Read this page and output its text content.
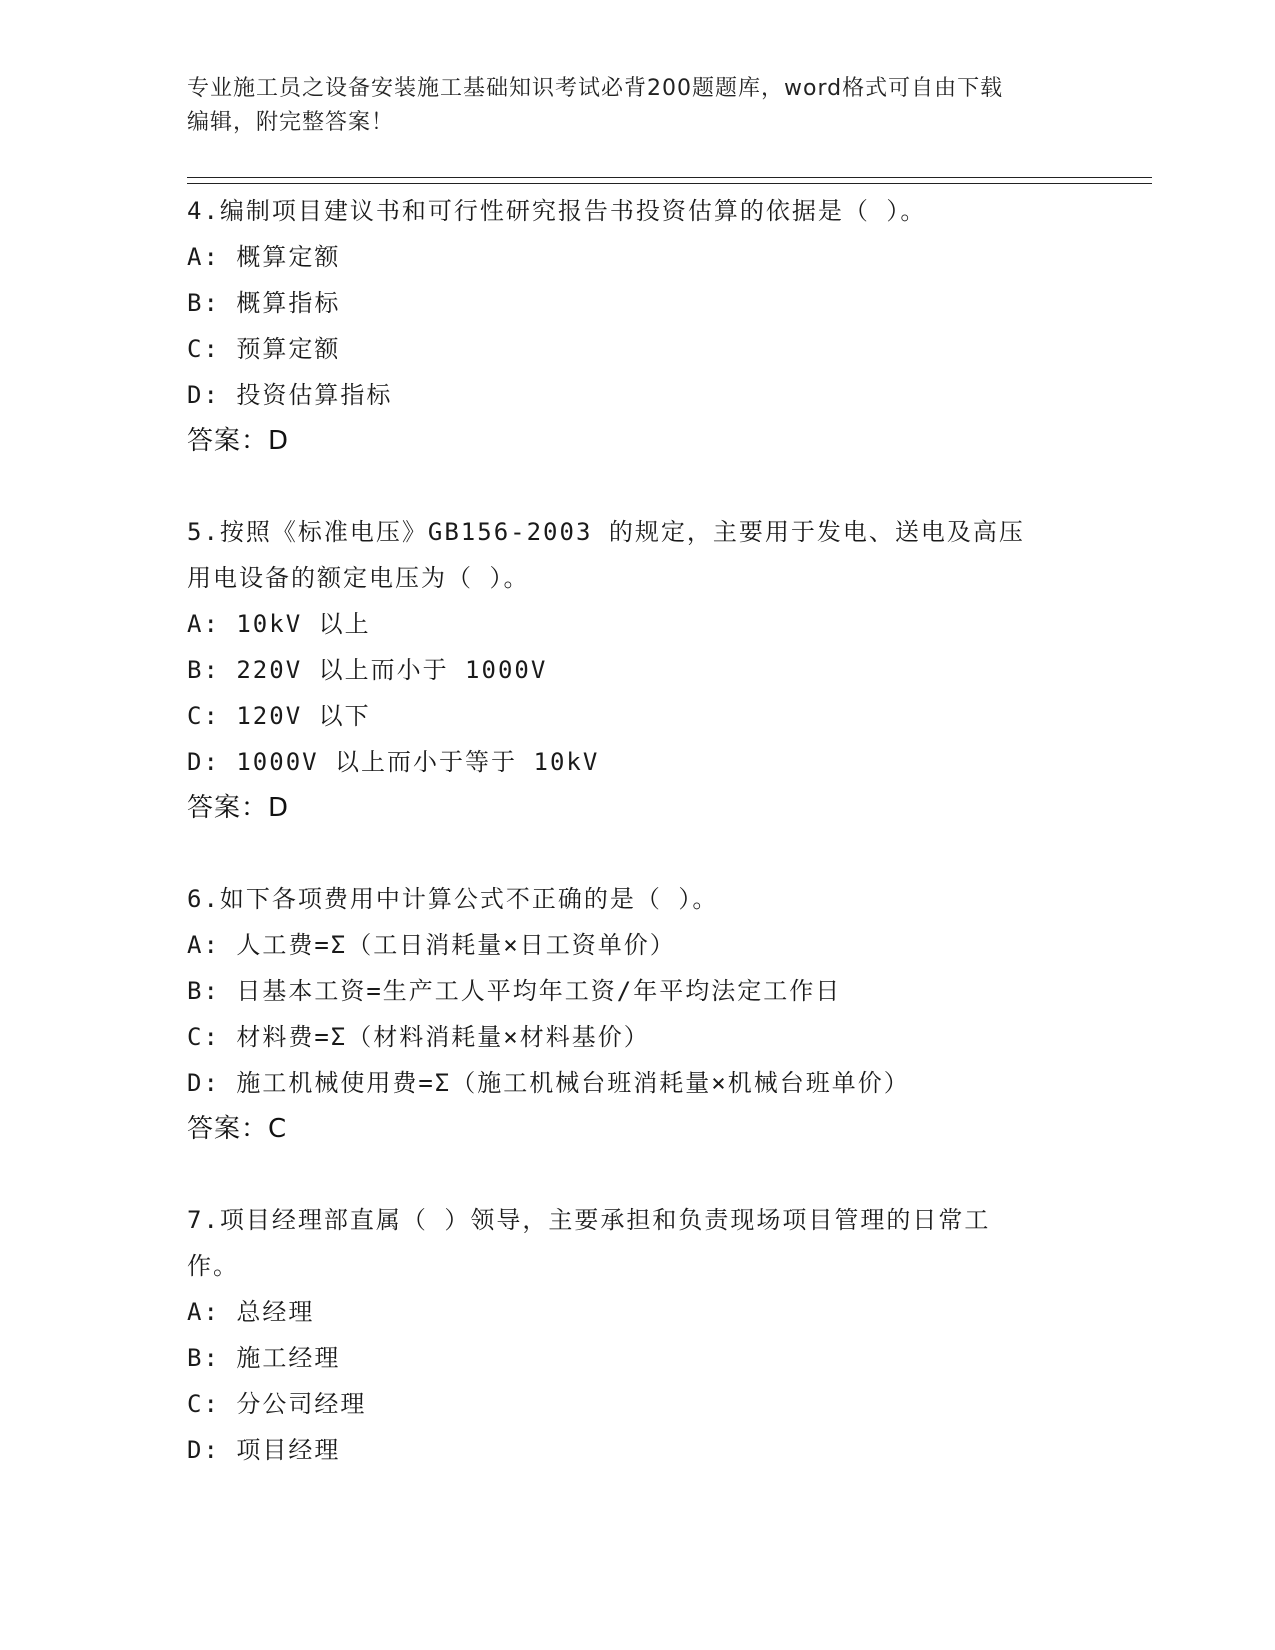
专业施工员之设备安装施工基础知识考试必背200题题库，word格式可自由下载
编辑，附完整答案！
4.编制项目建议书和可行性研究报告书投资估算的依据是（ ）。
A: 概算定额
B: 概算指标
C: 预算定额
D: 投资估算指标
答案：D
5.按照《标准电压》GB156-2003 的规定，主要用于发电、送电及高压
用电设备的额定电压为（ ）。
A: 10kV 以上
B: 220V 以上而小于 1000V
C: 120V 以下
D: 1000V 以上而小于等于 10kV
答案：D
6.如下各项费用中计算公式不正确的是（ ）。
A: 人工费=Σ（工日消耗量×日工资单价）
B: 日基本工资=生产工人平均年工资/年平均法定工作日
C: 材料费=Σ（材料消耗量×材料基价）
D: 施工机械使用费=Σ（施工机械台班消耗量×机械台班单价）
答案：C
7.项目经理部直属（ ）领导，主要承担和负责现场项目管理的日常工
作。
A: 总经理
B: 施工经理
C: 分公司经理
D: 项目经理
